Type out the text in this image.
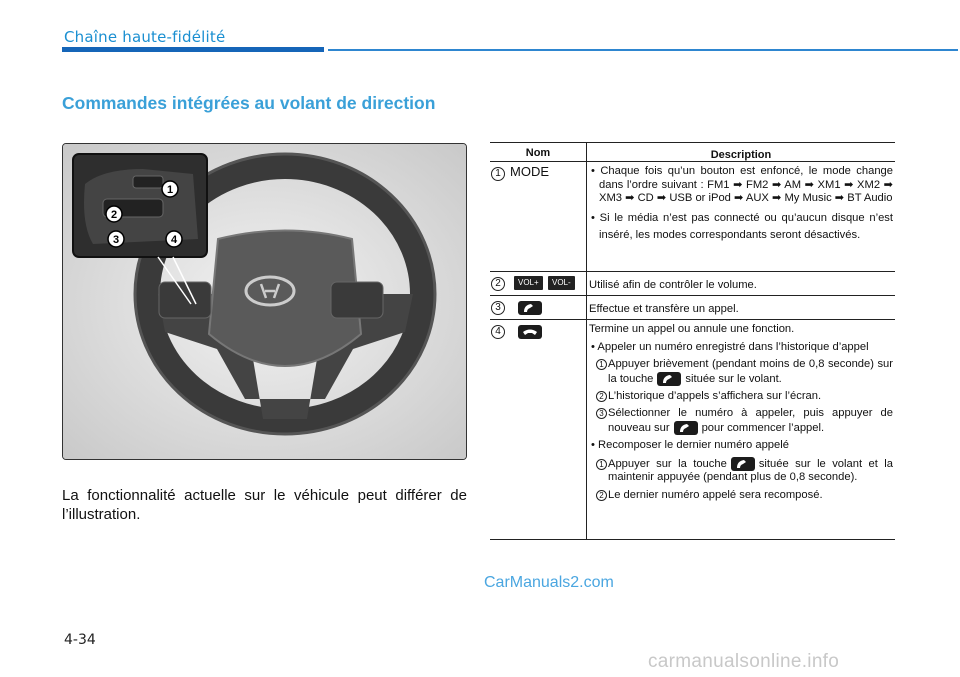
Chaîne haute-fidélité
Commandes intégrées au volant de direction
1
2
3	4
La fonctionnalité actuelle sur le véhicule peut différer de l’illustration.
Nom	Description
1 MODE	• Chaque fois qu’un bouton est enfoncé, le mode change dans l’ordre suivant : FM1 ➡ FM2 ➡ AM ➡ XM1 ➡ XM2 ➡ XM3 ➡ CD ➡ USB or iPod ➡ AUX ➡ My Music ➡ BT Audio
• Si le média n’est pas connecté ou qu’aucun disque n’est inséré, les modes correspondants seront désactivés.
2	VOL+	VOL-	Utilisé afin de contrôler le volume.
3	Effectue et transfère un appel.
4	Termine un appel ou annule une fonction.
• Appeler un numéro enregistré dans l’historique d’appel
1 Appuyer brièvement (pendant moins de 0,8 seconde) sur la touche	située sur le volant.
2 L’historique d’appels s’affichera sur l’écran.
3 Sélectionner le numéro à appeler, puis appuyer de nouveau sur	pour commencer l’appel.
• Recomposer le dernier numéro appelé
1 Appuyer sur la touche	située sur le volant et la maintenir appuyée (pendant plus de 0,8 seconde).
2 Le dernier numéro appelé sera recomposé.
CarManuals2.com
4-34
carmanualsonline.info
